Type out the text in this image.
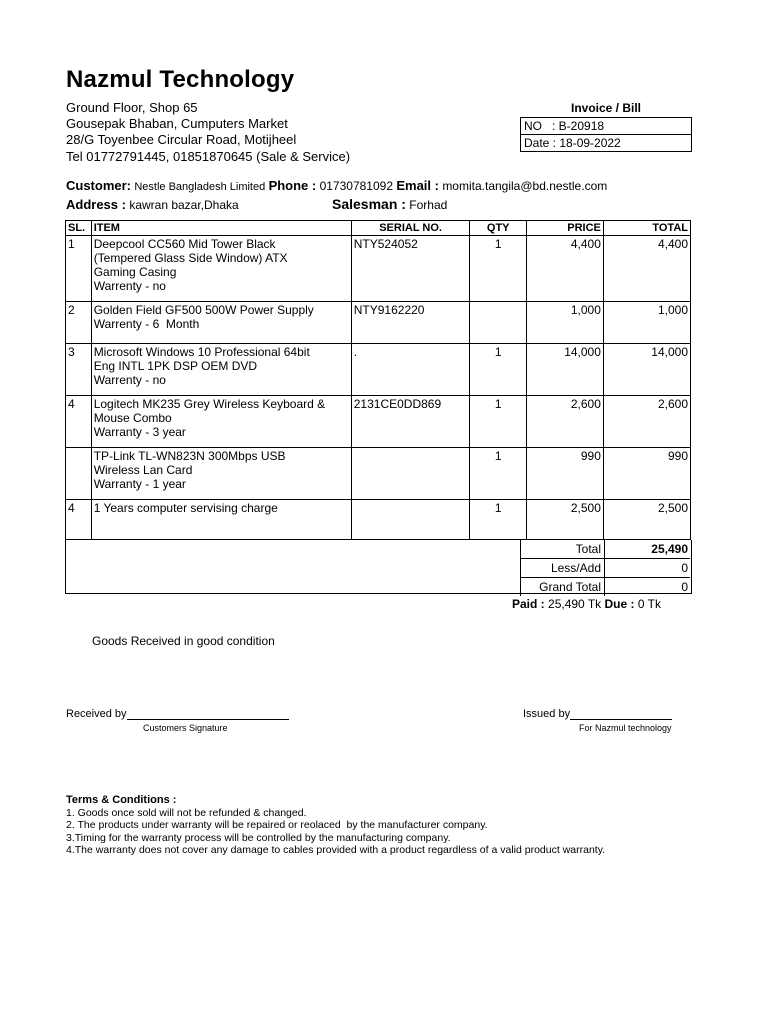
Nazmul Technology
Ground Floor, Shop 65
Gousepak Bhaban, Cumputers Market
28/G Toyenbee Circular Road, Motijheel
Tel 01772791445, 01851870645 (Sale & Service)
Invoice / Bill
NO   : B-20918
Date : 18-09-2022
Customer: Nestle Bangladesh Limited Phone : 01730781092 Email : momita.tangila@bd.nestle.com
Address : kawran bazar,Dhaka	Salesman : Forhad
SL.	ITEM	SERIAL NO.	QTY	PRICE	TOTAL
1	Deepcool CC560 Mid Tower Black
(Tempered Glass Side Window) ATX
Gaming Casing
Warrenty - no	NTY524052	1	4,400	4,400
2	Golden Field GF500 500W Power Supply
Warrenty - 6  Month	NTY9162220		1,000	1,000
3	Microsoft Windows 10 Professional 64bit
Eng INTL 1PK DSP OEM DVD
Warrenty - no	.	1	14,000	14,000
4	Logitech MK235 Grey Wireless Keyboard &
Mouse Combo
Warranty - 3 year	2131CE0DD869	1	2,600	2,600

	TP-Link TL-WN823N 300Mbps USB
Wireless Lan Card
Warranty - 1 year		1	990	990
4	1 Years computer servising charge		1	2,500	2,500
Total	25,490
Less/Add	0
Grand Total	0
Paid : 25,490 Tk Due : 0 Tk
Goods Received in good condition
Received by
Customers Signature
Issued by
For Nazmul technology
Terms & Conditions :
1. Goods once sold will not be refunded & changed.
2. The products under warranty will be repaired or reolaced  by the manufacturer company.
3.Timing for the warranty process will be controlled by the manufacturing company.
4.The warranty does not cover any damage to cables provided with a product regardless of a valid product warranty.
